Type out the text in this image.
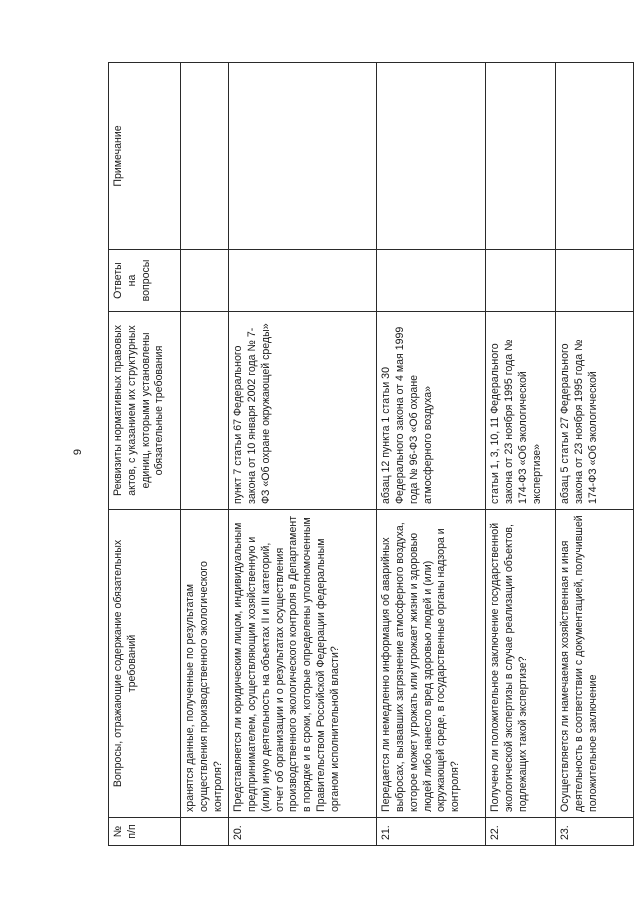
9
№ п/п	Вопросы, отражающие содержание обязательных требований	Реквизиты нормативных правовых актов, с указанием их структурных единиц, которыми установлены обязательные требования	Ответы на вопросы	Примечание
	хранятся данные, полученные по результатам осуществления производственного экологического контроля?			
20.	Представляется ли юридическим лицом, индивидуальным предпринимателем, осуществляющим хозяйственную и (или) иную деятельность на объектах II и III категорий, отчет об организации и о результатах осуществления производственного экологического контроля в Департамент в порядке и в сроки, которые определены уполномоченным Правительством Российской Федерации федеральным органом исполнительной власти?	пункт 7 статьи 67 Федерального закона от 10 января 2002 года № 7-ФЗ «Об охране окружающей среды»		
21.	Передается ли немедленно информация об аварийных выбросах, вызвавших загрязнение атмосферного воздуха, которое может угрожать или угрожает жизни и здоровью людей либо нанесло вред здоровью людей и (или) окружающей среде, в государственные органы надзора и контроля?	абзац 12 пункта 1 статьи 30 Федерального закона от 4 мая 1999 года № 96-ФЗ «Об охране атмосферного воздуха»		
22.	Получено ли положительное заключение государственной экологической экспертизы в случае реализации объектов, подлежащих такой экспертизе?	статьи 1, 3, 10, 11 Федерального закона от 23 ноября 1995 года № 174-ФЗ «Об экологической экспертизе»		
23.	Осуществляется ли намечаемая хозяйственная и иная деятельность в соответствии с документацией, получившей положительное заключение	абзац 5 статьи 27 Федерального закона от 23 ноября 1995 года № 174-ФЗ «Об экологической		
